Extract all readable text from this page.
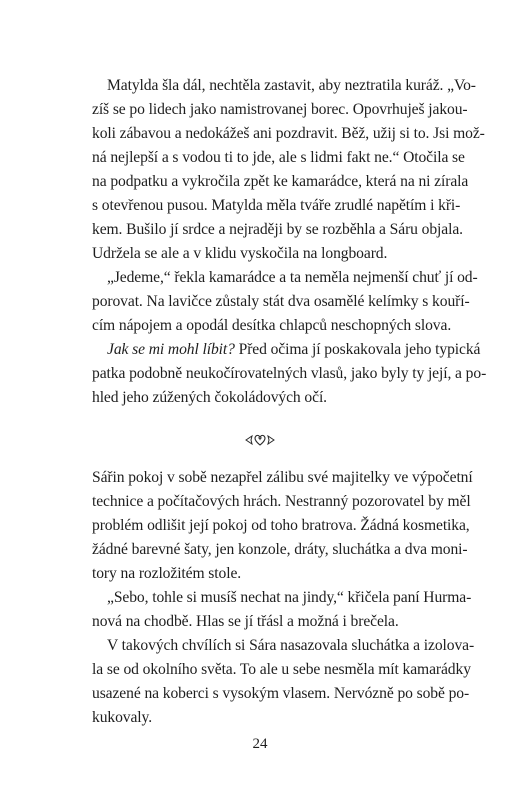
Matylda šla dál, nechtěla zastavit, aby neztratila kuráž. „Vo-
zíš se po lidech jako namistrovanej borec. Opovrhuješ jakou-
koli zábavou a nedokážeš ani pozdravit. Běž, užij si to. Jsi mož-
ná nejlepší a s vodou ti to jde, ale s lidmi fakt ne.“ Otočila se
na podpatku a vykročila zpět ke kamarádce, která na ni zírala
s otevřenou pusou. Matylda měla tváře zrudlé napětím i kři-
kem. Bušilo jí srdce a nejraději by se rozběhla a Sáru objala.
Udržela se ale a v klidu vyskočila na longboard.
„Jedeme,“ řekla kamarádce a ta neměla nejmenší chuť jí od-
porovat. Na lavičce zůstaly stát dva osamělé kelímky s kouří-
cím nápojem a opodál desítka chlapců neschopných slova.
Jak se mi mohl líbit? Před očima jí poskakovala jeho typická
patka podobně neukočírovatelných vlasů, jako byly ty její, a po-
hled jeho zúžených čokoládových očí.
Sářin pokoj v sobě nezapřel zálibu své majitelky ve výpočetní
technice a počítačových hrách. Nestranný pozorovatel by měl
problém odlišit její pokoj od toho bratrova. Žádná kosmetika,
žádné barevné šaty, jen konzole, dráty, sluchátka a dva moni-
tory na rozložitém stole.
„Sebo, tohle si musíš nechat na jindy,“ křičela paní Hurma-
nová na chodbě. Hlas se jí třásl a možná i brečela.
V takových chvílích si Sára nasazovala sluchátka a izolova-
la se od okolního světa. To ale u sebe nesměla mít kamarádky
usazené na koberci s vysokým vlasem. Nervózně po sobě po-
kukovaly.
24
